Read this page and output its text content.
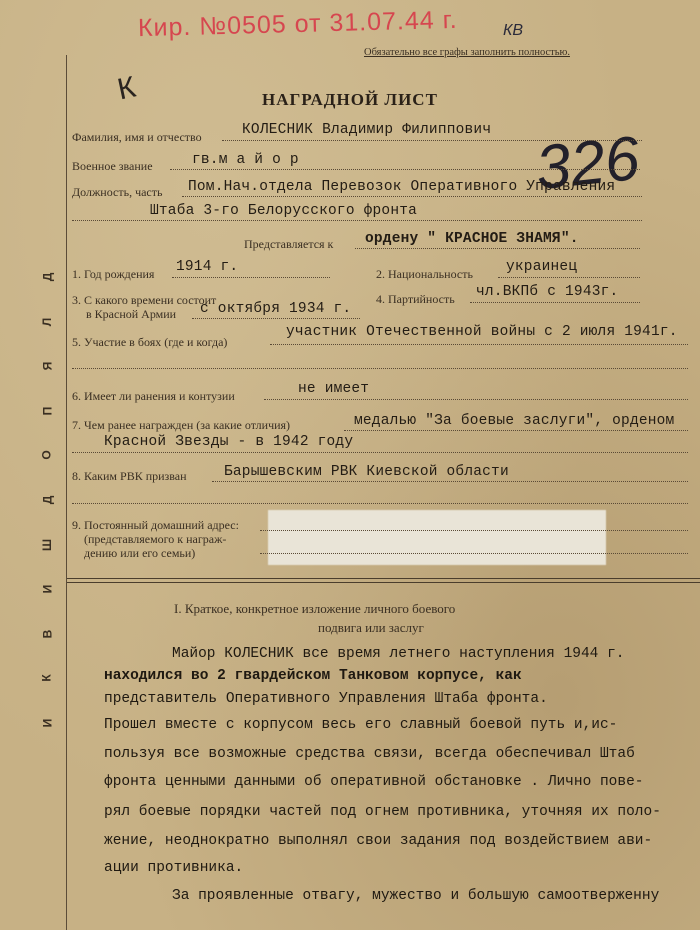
Кир. №0505 от 31.07.44 г.	КВ
Обязательно все графы заполнить полностью.
К	НАГРАДНОЙ ЛИСТ
326
Д
Л
Я
П
О
Д
Ш
И
В
К
И
Фамилия, имя и отчество	КОЛЕСНИК Владимир Филиппович
Военное звание	гв.м а й о р
Должность, часть Пом.Нач.отдела Перевозок Оперативного Управления
Штаба 3-го Белорусского фронта
Представляется к ордену " КРАСНОЕ ЗНАМЯ".
1. Год рождения 1914 г.	2. Национальность украинец
3. С какого времени состоит
в Красной Армии с октября 1934 г.
4. Партийность чл.ВКПб с 1943г.
5. Участие в боях (где и когда)
участник Отечественной войны с 2 июля 1941г.
6. Имеет ли ранения и контузии	не имеет
7. Чем ранее награжден (за какие отличия)	медалью "За боевые заслуги", орденом
Красной Звезды - в 1942 году
8. Каким РВК призван	Барышевским РВК Киевской области
9. Постоянный домашний адрес:
(представляемого к награж-
дению или его семьи)
I. Краткое, конкретное изложение личного боевого
подвига или заслуг
Майор КОЛЕСНИК все время летнего наступления 1944 г.
находился во 2 гвардейском Танковом корпусе, как
представитель Оперативного Управления Штаба фронта.
Прошел вместе с корпусом весь его славный боевой путь и,ис-
пользуя все возможные средства связи, всегда обеспечивал Штаб
фронта ценными данными об оперативной обстановке . Лично пове-
рял боевые порядки частей под огнем противника, уточняя их поло-
жение, неоднократно выполнял свои задания под воздействием ави-
ации противника.
За проявленные отвагу, мужество и большую самоотверженну
